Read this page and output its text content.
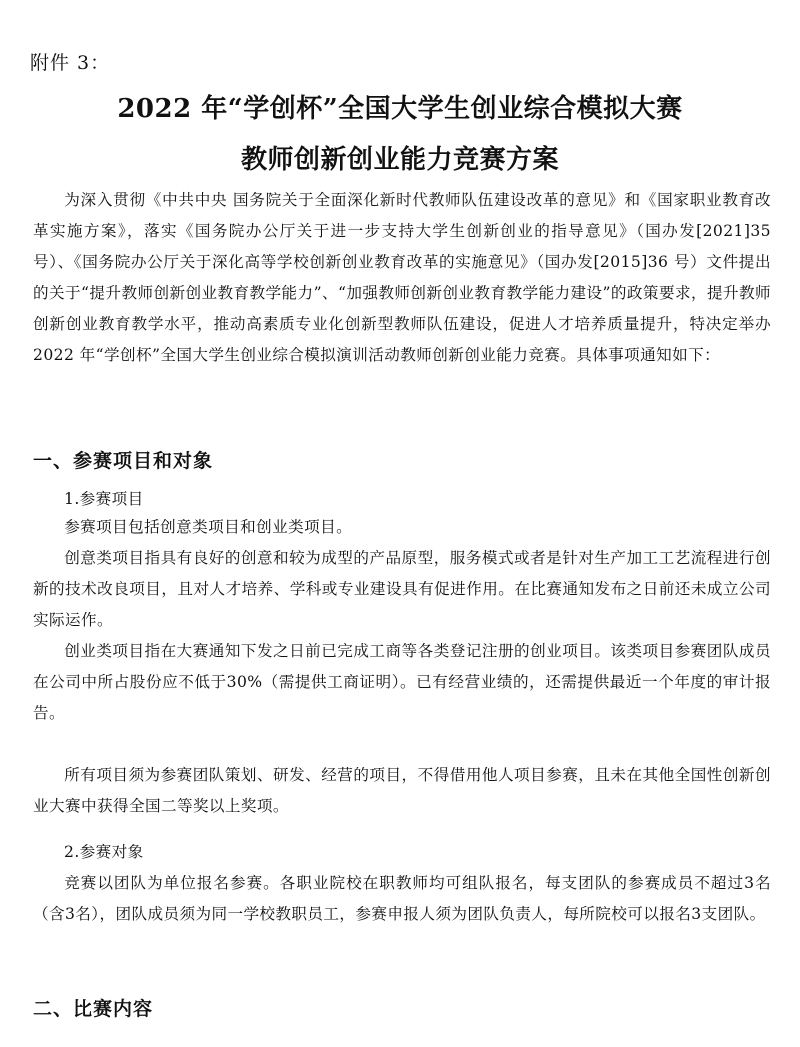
附件 3：
2022 年“学创杯”全国大学生创业综合模拟大赛
教师创新创业能力竞赛方案
为深入贯彻《中共中央 国务院关于全面深化新时代教师队伍建设改革的意见》和《国家职业教育改革实施方案》，落实《国务院办公厅关于进一步支持大学生创新创业的指导意见》（国办发[2021]35 号）、《国务院办公厅关于深化高等学校创新创业教育改革的实施意见》（国办发[2015]36 号）文件提出的关于“提升教师创新创业教育教学能力”、“加强教师创新创业教育教学能力建设”的政策要求，提升教师创新创业教育教学水平，推动高素质专业化创新型教师队伍建设，促进人才培养质量提升，特决定举办 2022 年“学创杯”全国大学生创业综合模拟演训活动教师创新创业能力竞赛。具体事项通知如下：
一、参赛项目和对象
1.参赛项目
参赛项目包括创意类项目和创业类项目。
创意类项目指具有良好的创意和较为成型的产品原型，服务模式或者是针对生产加工工艺流程进行创新的技术改良项目，且对人才培养、学科或专业建设具有促进作用。在比赛通知发布之日前还未成立公司实际运作。
创业类项目指在大赛通知下发之日前已完成工商等各类登记注册的创业项目。该类项目参赛团队成员在公司中所占股份应不低于30%（需提供工商证明）。已有经营业绩的，还需提供最近一个年度的审计报告。
所有项目须为参赛团队策划、研发、经营的项目，不得借用他人项目参赛，且未在其他全国性创新创业大赛中获得全国二等奖以上奖项。
2.参赛对象
竞赛以团队为单位报名参赛。各职业院校在职教师均可组队报名，每支团队的参赛成员不超过3名（含3名），团队成员须为同一学校教职员工，参赛申报人须为团队负责人，每所院校可以报名3支团队。
二、比赛内容
